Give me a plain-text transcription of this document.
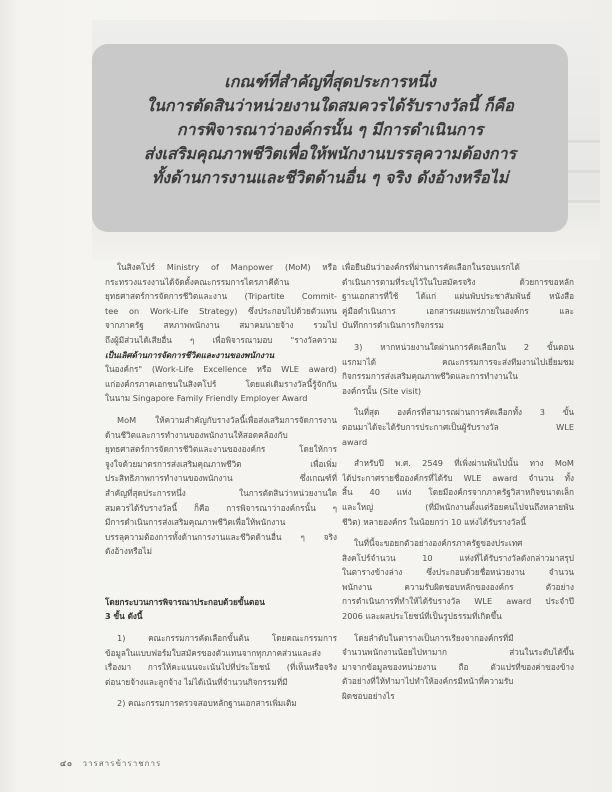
เกณฑ์ที่สำคัญที่สุดประการหนึ่ง
ในการตัดสินว่าหน่วยงานใดสมควรได้รับรางวัลนี้ ก็คือ
การพิจารณาว่าองค์กรนั้น ๆ มีการดำเนินการ
ส่งเสริมคุณภาพชีวิตเพื่อให้พนักงานบรรลุความต้องการ
ทั้งด้านการงานและชีวิตด้านอื่น ๆ จริง ดังอ้างหรือไม่

ในสิงคโปร์ Ministry of Manpower (MoM) หรือ
กระทรวงแรงงานได้จัดตั้งคณะกรรมการไตรภาคีด้าน
ยุทธศาสตร์การจัดการชีวิตและงาน (Tripartite Commit-
tee on Work-Life Strategy) ซึ่งประกอบไปด้วยตัวแทน
จากภาครัฐ สหภาพพนักงาน สมาคมนายจ้าง รวมไป
ถึงผู้มีส่วนได้เสียอื่น ๆ เพื่อพิจารณามอบ "รางวัลความ
เป็นเลิศด้านการจัดการชีวิตและงานของพนักงาน
ในองค์กร" (Work-Life Excellence หรือ WLE award)
แก่องค์กรภาคเอกชนในสิงคโปร์ โดยแต่เดิมรางวัลนี้รู้จักกัน
ในนาม Singapore Family Friendly Employer Award

MoM ให้ความสำคัญกับรางวัลนี้เพื่อส่งเสริมการจัดการงาน
ด้านชีวิตและการทำงานของพนักงานให้สอดคล้องกับ
ยุทธศาสตร์การจัดการชีวิตและงานขององค์กร โดยให้การ
จูงใจด้วยมาตรการส่งเสริมคุณภาพชีวิต เพื่อเพิ่ม
ประสิทธิภาพการทำงานของพนักงาน ซึ่งเกณฑ์ที่
สำคัญที่สุดประการหนึ่ง ในการตัดสินว่าหน่วยงานใด
สมควรได้รับรางวัลนี้ ก็คือ การพิจารณาว่าองค์กรนั้น ๆ
มีการดำเนินการส่งเสริมคุณภาพชีวิตเพื่อให้พนักงาน
บรรลุความต้องการทั้งด้านการงานและชีวิตด้านอื่น ๆ จริง
ดังอ้างหรือไม่

โดยกระบวนการพิจารณาประกอบด้วยขั้นตอน
3 ขั้น ดังนี้

1) คณะกรรมการคัดเลือกขั้นต้น โดยคณะกรรมการ
ข้อมูลในแบบฟอร์มใบสมัครของตัวแทนจากทุกภาคส่วนและส่ง
เรื่องมา การให้คะแนนจะเน้นไปที่ประโยชน์ (ที่เห็นหรือจริง
ต่อนายจ้างและลูกจ้าง ไม่ได้เน้นที่จำนวนกิจกรรมที่มี

2) คณะกรรมการตรวจสอบหลักฐานเอกสารเพิ่มเติม

เพื่อยืนยันว่าองค์กรที่ผ่านการคัดเลือกในรอบแรกได้
ดำเนินการตามที่ระบุไว้ในใบสมัครจริง ด้วยการขอหลัก
ฐานเอกสารที่ใช้ ได้แก่ แผ่นพับประชาสัมพันธ์ หนังสือ
คู่มือดำเนินการ เอกสารเผยแพร่ภายในองค์กร และ
บันทึกการดำเนินการกิจกรรม

3) หากหน่วยงานใดผ่านการคัดเลือกใน 2 ขั้นตอน
แรกมาได้ คณะกรรมการจะส่งทีมงานไปเยี่ยมชม
กิจกรรมการส่งเสริมคุณภาพชีวิตและการทำงานใน
องค์กรนั้น (Site visit)

ในที่สุด องค์กรที่สามารถผ่านการคัดเลือกทั้ง 3 ขั้น
ตอนมาได้จะได้รับการประกาศเป็นผู้รับรางวัล WLE
award

สำหรับปี พ.ศ. 2549 ที่เพิ่งผ่านพ้นไปนั้น ทาง MoM
ได้ประกาศรายชื่อองค์กรที่ได้รับ WLE award จำนวน ทั้ง
สิ้น 40 แห่ง โดยมีองค์กรจากภาครัฐวิสาหกิจขนาดเล็ก
และใหญ่ (ที่มีพนักงานตั้งแต่ร้อยคนไปจนถึงหลายพัน
ชีวิต) หลายองค์กร ในน้อยกว่า 10 แห่งได้รับรางวัลนี้

ในที่นี้จะขอยกตัวอย่างองค์กรภาครัฐของประเทศ
สิงคโปร์จำนวน 10 แห่งที่ได้รับรางวัลดังกล่าวมาสรุป
ในตารางข้างล่าง ซึ่งประกอบด้วยชื่อหน่วยงาน จำนวน
พนักงาน ความรับผิดชอบหลักขององค์กร ตัวอย่าง
การดำเนินการที่ทำให้ได้รับรางวัล WLE award ประจำปี
2006 และผลประโยชน์ที่เป็นรูปธรรมที่เกิดขึ้น

โดยลำดับในตารางเป็นการเรียงจากองค์กรที่มี
จำนวนพนักงานน้อยไปหามาก ส่วนในระดับได้ขึ้น
มาจากข้อมูลของหน่วยงาน ถือ ตัวแปรที่ของค่าของข้าง
ตัวอย่างที่ให้ทำมาไปทำให้องค์กรมีหน้าที่ความรับ
ผิดชอบอย่างไร

๔๐ วารสารข้าราชการ
